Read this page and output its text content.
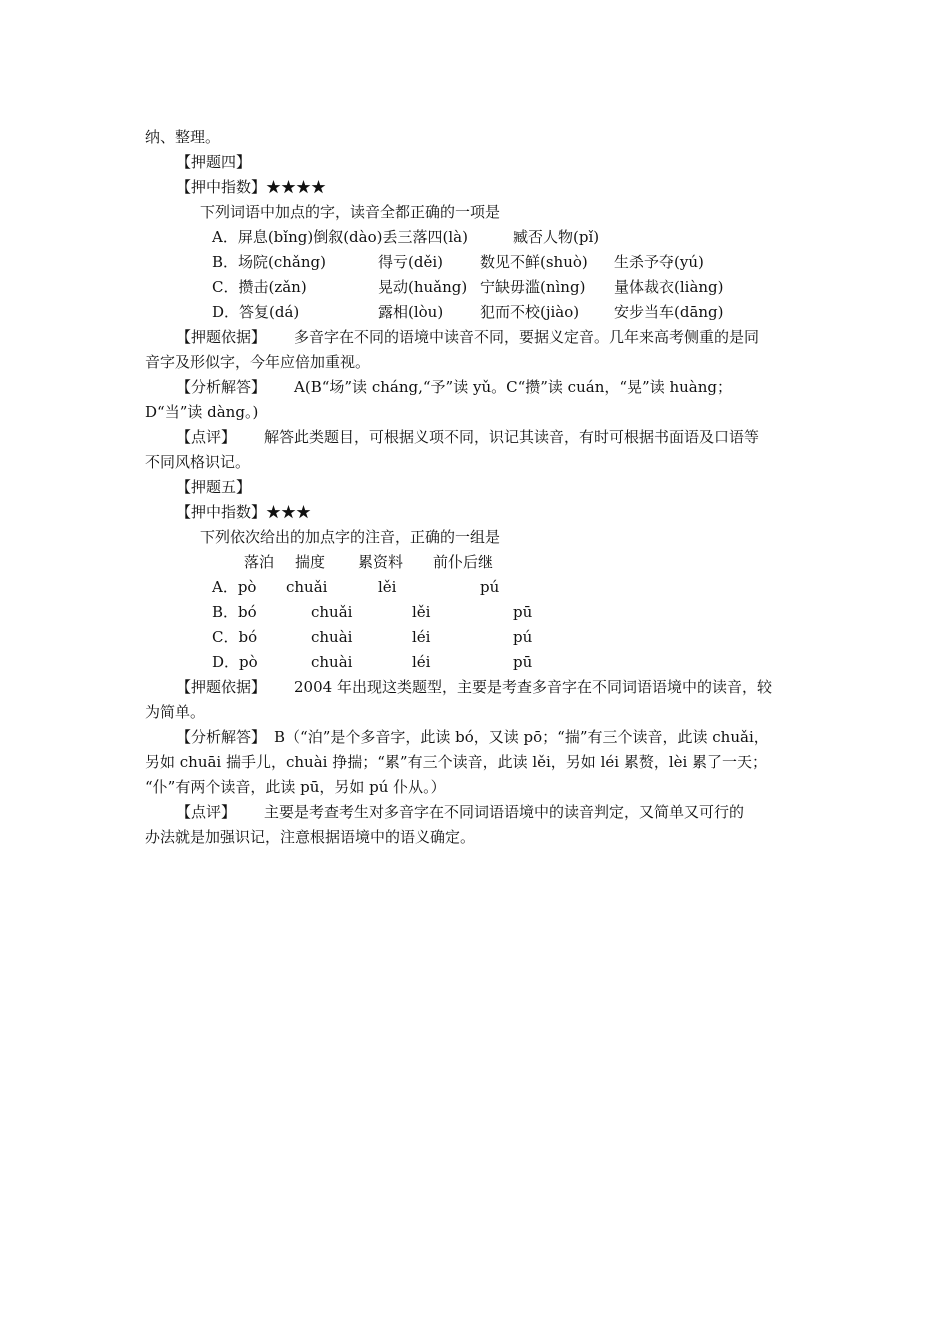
纳、整理。
【押题四】
【押中指数】★★★★
下列词语中加点的字，读音全都正确的一项是
A．屏息(bǐng)倒叙(dào)丢三落四(là)	臧否人物(pǐ)
B．场院(chǎng)	得亏(děi) 数见不鲜(shuò) 生杀予夺(yú)
C．攒击(zǎn)	晃动(huǎng) 宁缺毋滥(nìng) 量体裁衣(liàng)
D．答复(dá)	露相(lòu) 犯而不校(jiào) 安步当车(dāng)
【押题依据】 多音字在不同的语境中读音不同，要据义定音。几年来高考侧重的是同
音字及形似字，今年应倍加重视。
【分析解答】 A(B“场”读 cháng,“予”读 yǔ。C“攒”读 cuán，“晃”读 huàng；
D“当”读 dàng。)
【点评】 解答此类题目，可根据义项不同，识记其读音，有时可根据书面语及口语等
不同风格识记。
【押题五】
【押中指数】★★★
下列依次给出的加点字的注音，正确的一组是
落泊 揣度 累资料 前仆后继
A．pò chuǎi	lěi	pú
B．bó	chuǎi	lěi	pū
C．bó	chuài	léi	pú
D．pò	chuài	léi	pū
【押题依据】 2004 年出现这类题型，主要是考查多音字在不同词语语境中的读音，较
为简单。
【分析解答】 B（“泊”是个多音字，此读 bó，又读 pō；“揣”有三个读音，此读 chuǎi，
另如 chuāi 揣手儿，chuài 挣揣；“累”有三个读音，此读 lěi，另如 léi 累赘，lèi 累了一天；
“仆”有两个读音，此读 pū，另如 pú 仆从。）
【点评】 主要是考查考生对多音字在不同词语语境中的读音判定，又简单又可行的
办法就是加强识记，注意根据语境中的语义确定。
